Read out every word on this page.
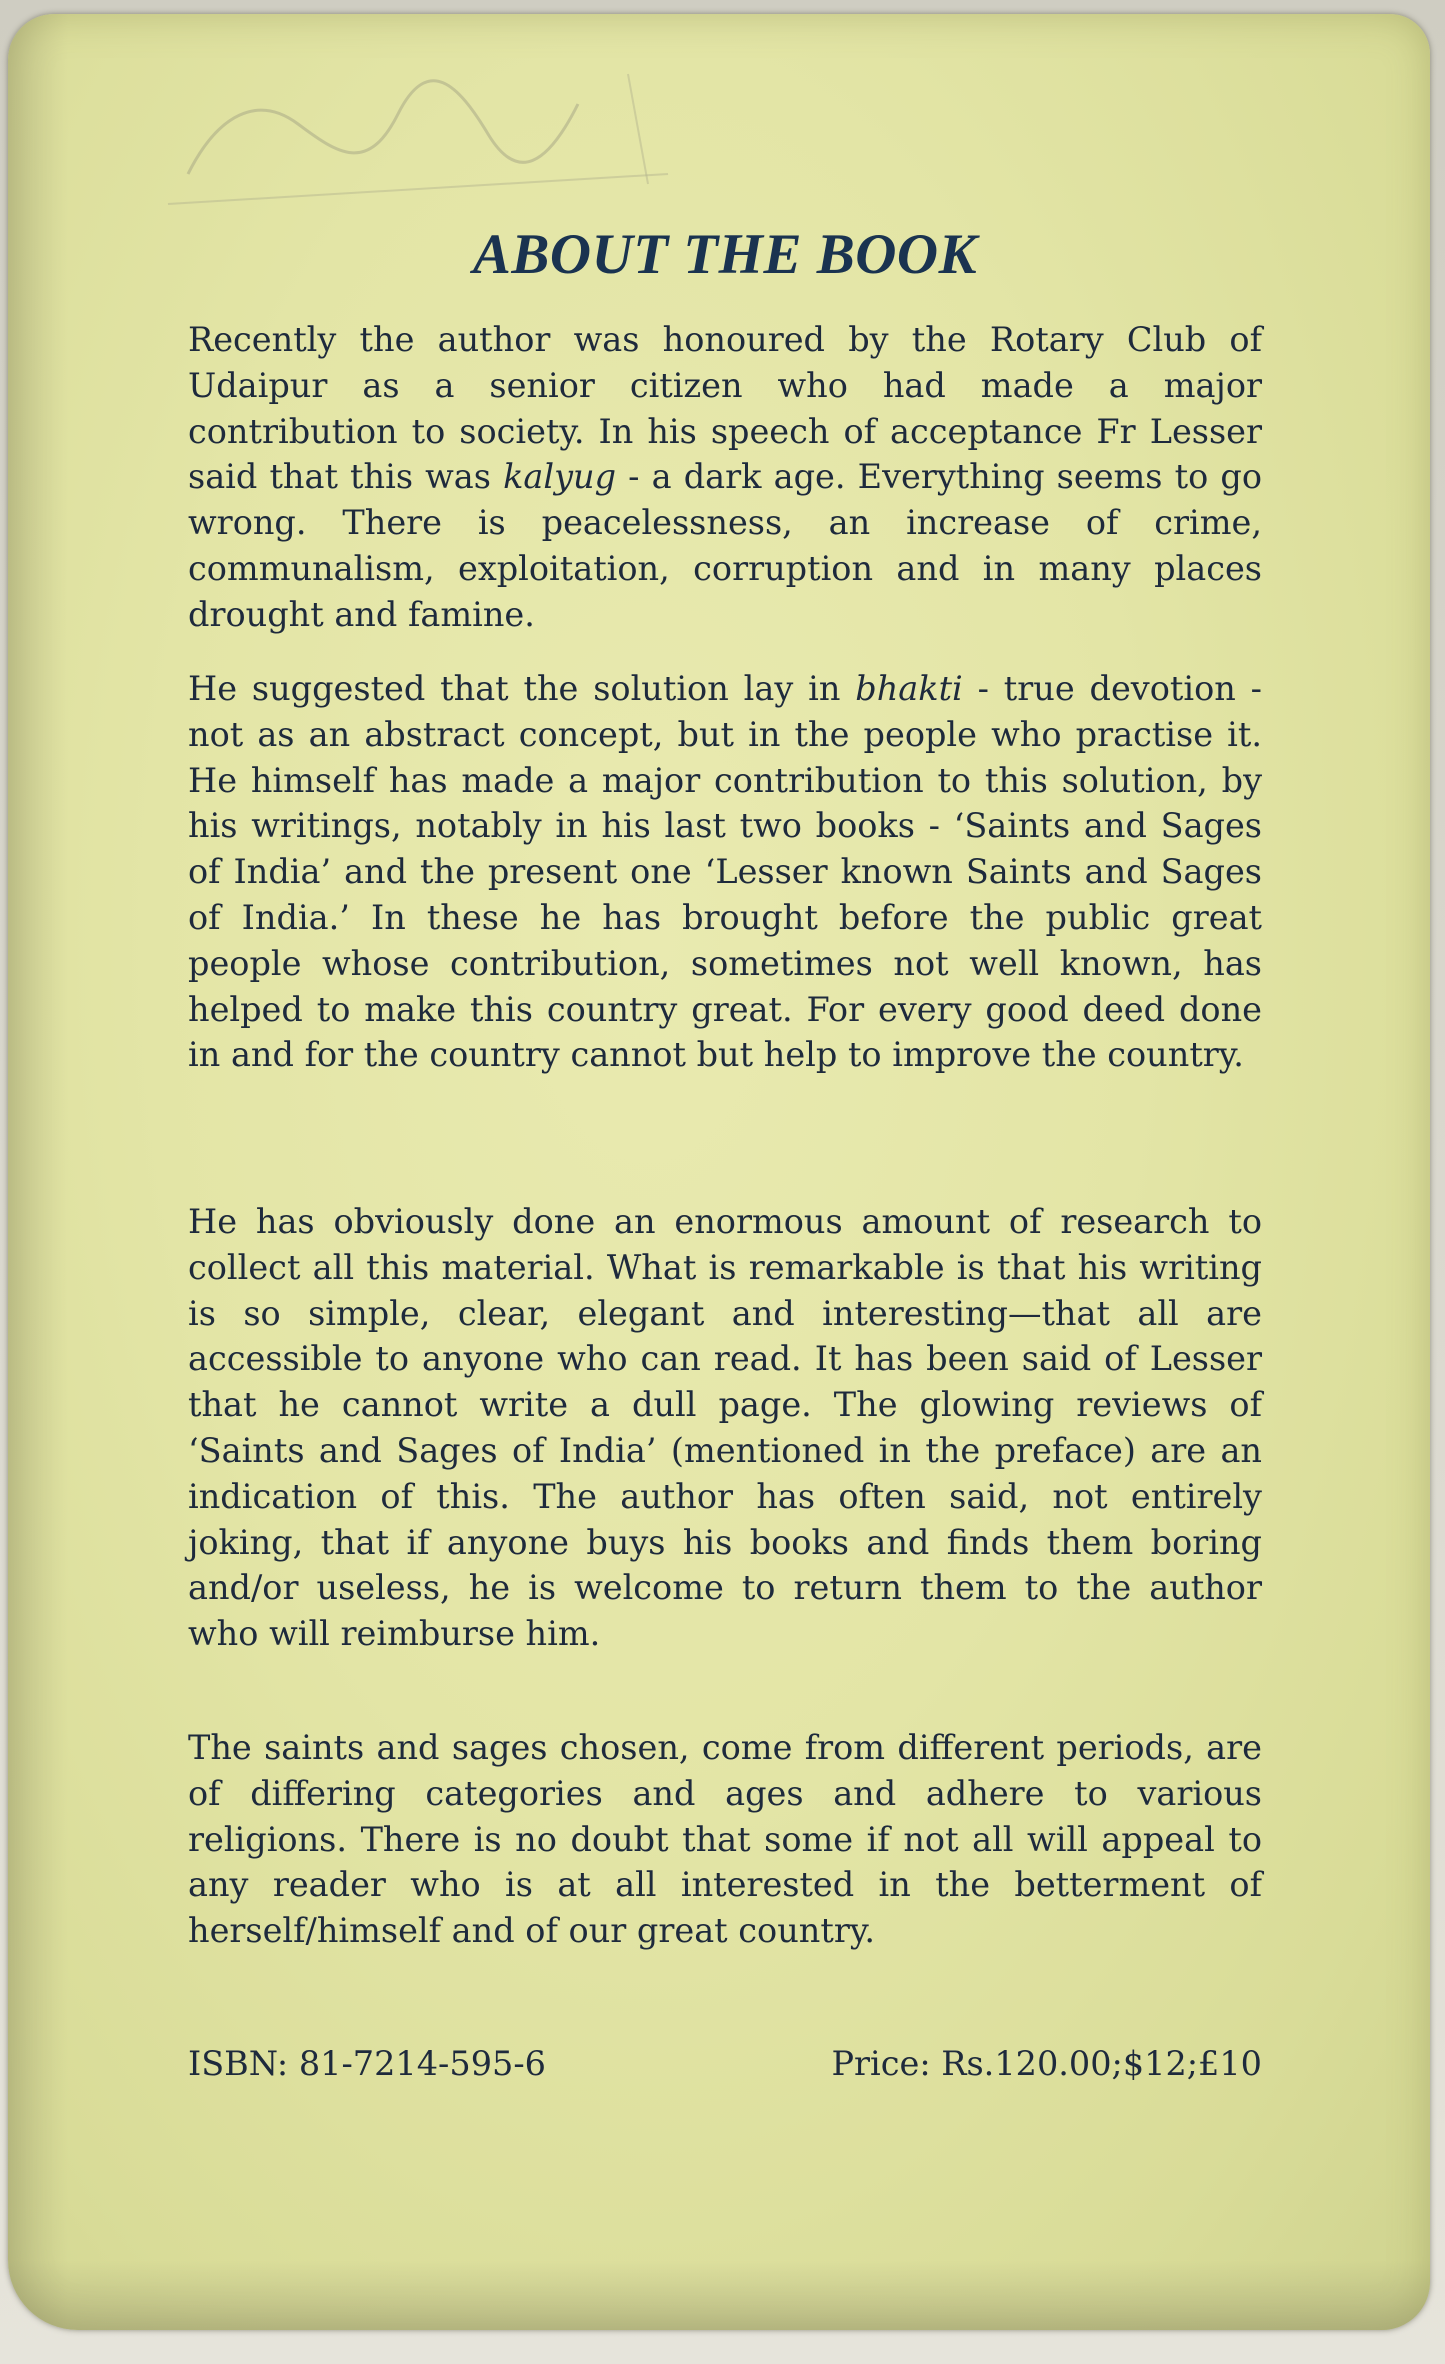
ABOUT THE BOOK

Recently the author was honoured by the Rotary Club of Udaipur as a senior citizen who had made a major contribution to society. In his speech of acceptance Fr Lesser said that this was kalyug - a dark age. Everything seems to go wrong. There is peacelessness, an increase of crime, communalism, exploitation, corruption and in many places drought and famine.

He suggested that the solution lay in bhakti - true devotion - not as an abstract concept, but in the people who practise it. He himself has made a major contribution to this solution, by his writings, notably in his last two books - ‘Saints and Sages of India’ and the present one ‘Lesser known Saints and Sages of India.’ In these he has brought before the public great people whose contribution, sometimes not well known, has helped to make this country great. For every good deed done in and for the country cannot but help to improve the country.

He has obviously done an enormous amount of research to collect all this material. What is remarkable is that his writing is so simple, clear, elegant and interesting—that all are accessible to anyone who can read. It has been said of Lesser that he cannot write a dull page. The glowing reviews of ‘Saints and Sages of India’ (mentioned in the preface) are an indication of this. The author has often said, not entirely joking, that if anyone buys his books and finds them boring and/or useless, he is welcome to return them to the author who will reimburse him.

The saints and sages chosen, come from different periods, are of differing categories and ages and adhere to various religions. There is no doubt that some if not all will appeal to any reader who is at all interested in the betterment of herself/himself and of our great country.

ISBN: 81-7214-595-6	Price: Rs.120.00;$12;£10
